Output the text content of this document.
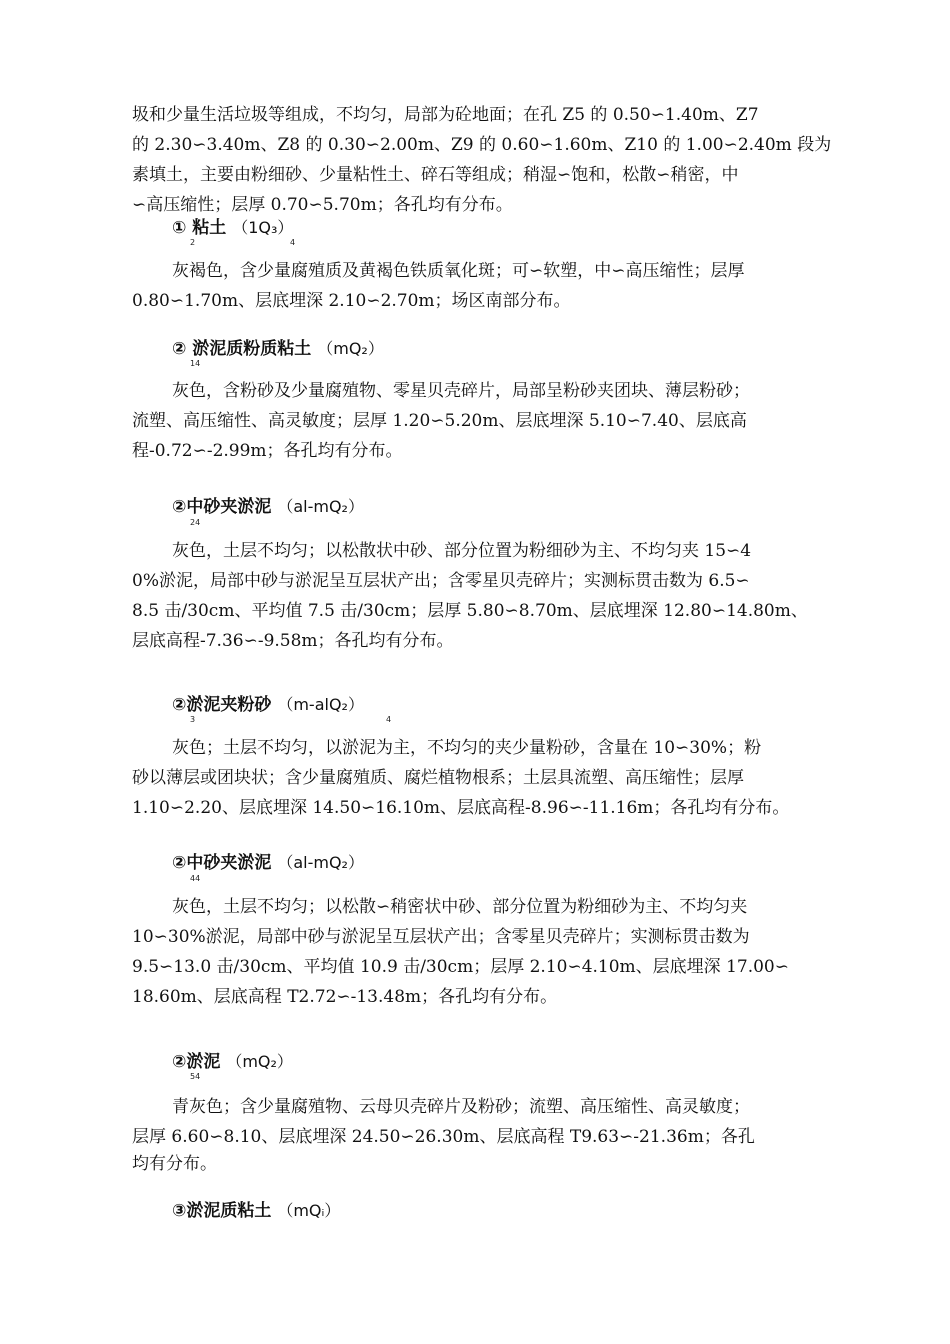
圾和少量生活垃圾等组成，不均匀，局部为砼地面；在孔 Z5 的 0.50∽1.40m、Z7
的 2.30∽3.40m、Z8 的 0.30∽2.00m、Z9 的 0.60∽1.60m、Z10 的 1.00∽2.40m 段为
素填土，主要由粉细砂、少量粘性土、碎石等组成；稍湿∽饱和，松散∽稍密，中
∽高压缩性；层厚 0.70∽5.70m；各孔均有分布。
① 粘土 （1Q₃）
2	4
灰褐色，含少量腐殖质及黄褐色铁质氧化斑；可∽软塑，中∽高压缩性；层厚
0.80∽1.70m、层底埋深 2.10∽2.70m；场区南部分布。
② 淤泥质粉质粘土 （mQ₂）
14
灰色，含粉砂及少量腐殖物、零星贝壳碎片，局部呈粉砂夹团块、薄层粉砂；
流塑、高压缩性、高灵敏度；层厚 1.20∽5.20m、层底埋深 5.10∽7.40、层底高
程-0.72∽-2.99m；各孔均有分布。
②中砂夹淤泥 （al-mQ₂）
24
灰色，土层不均匀；以松散状中砂、部分位置为粉细砂为主、不均匀夹 15∽4
0%淤泥，局部中砂与淤泥呈互层状产出；含零星贝壳碎片；实测标贯击数为 6.5∽
8.5 击/30cm、平均值 7.5 击/30cm；层厚 5.80∽8.70m、层底埋深 12.80∽14.80m、
层底高程-7.36∽-9.58m；各孔均有分布。
②淤泥夹粉砂 （m-alQ₂）
3	4
灰色；土层不均匀，以淤泥为主，不均匀的夹少量粉砂，含量在 10∽30%；粉
砂以薄层或团块状；含少量腐殖质、腐烂植物根系；土层具流塑、高压缩性；层厚
1.10∽2.20、层底埋深 14.50∽16.10m、层底高程-8.96∽-11.16m；各孔均有分布。
②中砂夹淤泥 （al-mQ₂）
44
灰色，土层不均匀；以松散∽稍密状中砂、部分位置为粉细砂为主、不均匀夹
10∽30%淤泥，局部中砂与淤泥呈互层状产出；含零星贝壳碎片；实测标贯击数为
9.5∽13.0 击/30cm、平均值 10.9 击/30cm；层厚 2.10∽4.10m、层底埋深 17.00∽
18.60m、层底高程 T2.72∽-13.48m；各孔均有分布。
②淤泥 （mQ₂）
54
青灰色；含少量腐殖物、云母贝壳碎片及粉砂；流塑、高压缩性、高灵敏度；
层厚 6.60∽8.10、层底埋深 24.50∽26.30m、层底高程 T9.63∽-21.36m；各孔
均有分布。
③淤泥质粘土 （mQᵢ）
